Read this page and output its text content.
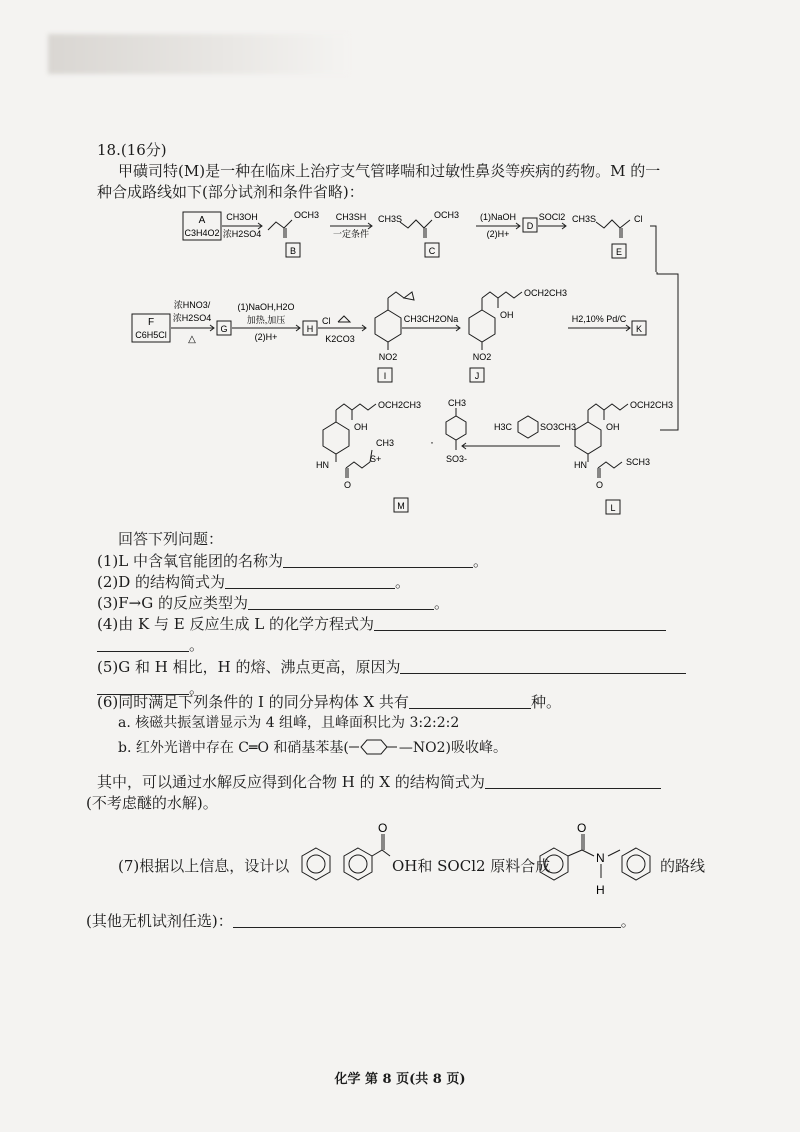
18.(16分)
甲磺司特(M)是一种在临床上治疗支气管哮喘和过敏性鼻炎等疾病的药物。M 的一
种合成路线如下(部分试剂和条件省略)：
A
C3H4O2
CH3OH
浓H2SO4
B
OCH3 CH3SH
一定条件
CH3S	OCH3
C
(1)NaOH
(2)H+
D
SOCl2 CH3S	Cl
E
F
C6H5Cl
浓HNO3/
浓H2SO4
△
G
(1)NaOH,H2O
加热,加压
(2)H+
H
Cl
K2CO3
NO2
I
CH3CH2ONa
OCH2CH3
OH
NO2
J
H2,10% Pd/C
K
OCH2CH3
OH
HN	SCH3
O
L
H3C	SO3CH3
CH3
SO3-
OCH2CH3
OH
HN
CH3
S+
O
M
·
回答下列问题：
(1)L 中含氧官能团的名称为	。
(2)D 的结构简式为	。
(3)F→G 的反应类型为	。
(4)由 K 与 E 反应生成 L 的化学方程式为
。
(5)G 和 H 相比，H 的熔、沸点更高，原因为
。
(6)同时满足下列条件的 I 的同分异构体 X 共有	种。
a. 核磁共振氢谱显示为 4 组峰，且峰面积比为 3:2:2:2
b. 红外光谱中存在 C═O 和硝基苯基(	—NO2)吸收峰。
其中，可以通过水解反应得到化合物 H 的 X 的结构简式为
(不考虑醚的水解)。
(7)根据以上信息，设计以
O	O
N
H
OH和 SOCl2 原料合成	的路线
(其他无机试剂任选)：	。
化学 第 8 页(共 8 页)
